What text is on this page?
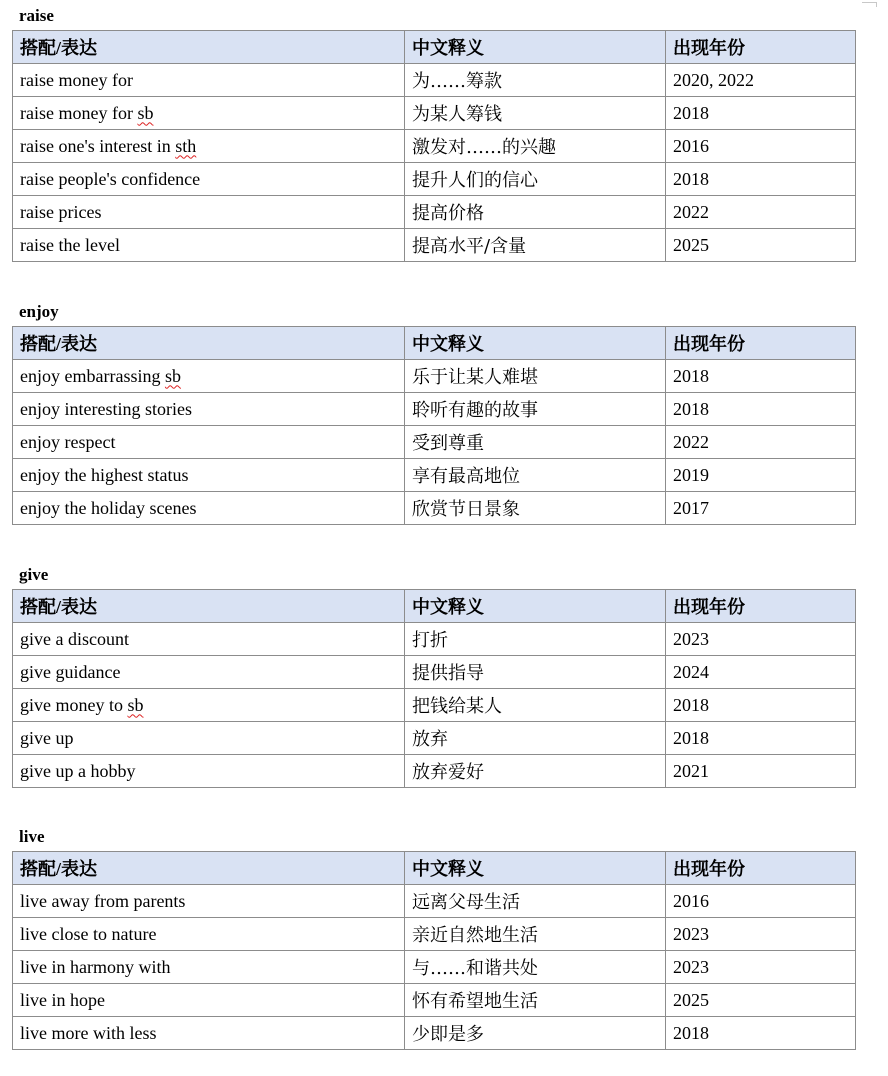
raise
搭配/表达	中文释义	出现年份
raise money for	为……筹款	2020, 2022
raise money for sb	为某人筹钱	2018
raise one's interest in sth	激发对……的兴趣	2016
raise people's confidence	提升人们的信心	2018
raise prices	提高价格	2022
raise the level	提高水平/含量	2025
enjoy
搭配/表达	中文释义	出现年份
enjoy embarrassing sb	乐于让某人难堪	2018
enjoy interesting stories	聆听有趣的故事	2018
enjoy respect	受到尊重	2022
enjoy the highest status	享有最高地位	2019
enjoy the holiday scenes	欣赏节日景象	2017
give
搭配/表达	中文释义	出现年份
give a discount	打折	2023
give guidance	提供指导	2024
give money to sb	把钱给某人	2018
give up	放弃	2018
give up a hobby	放弃爱好	2021
live
搭配/表达	中文释义	出现年份
live away from parents	远离父母生活	2016
live close to nature	亲近自然地生活	2023
live in harmony with	与……和谐共处	2023
live in hope	怀有希望地生活	2025
live more with less	少即是多	2018
